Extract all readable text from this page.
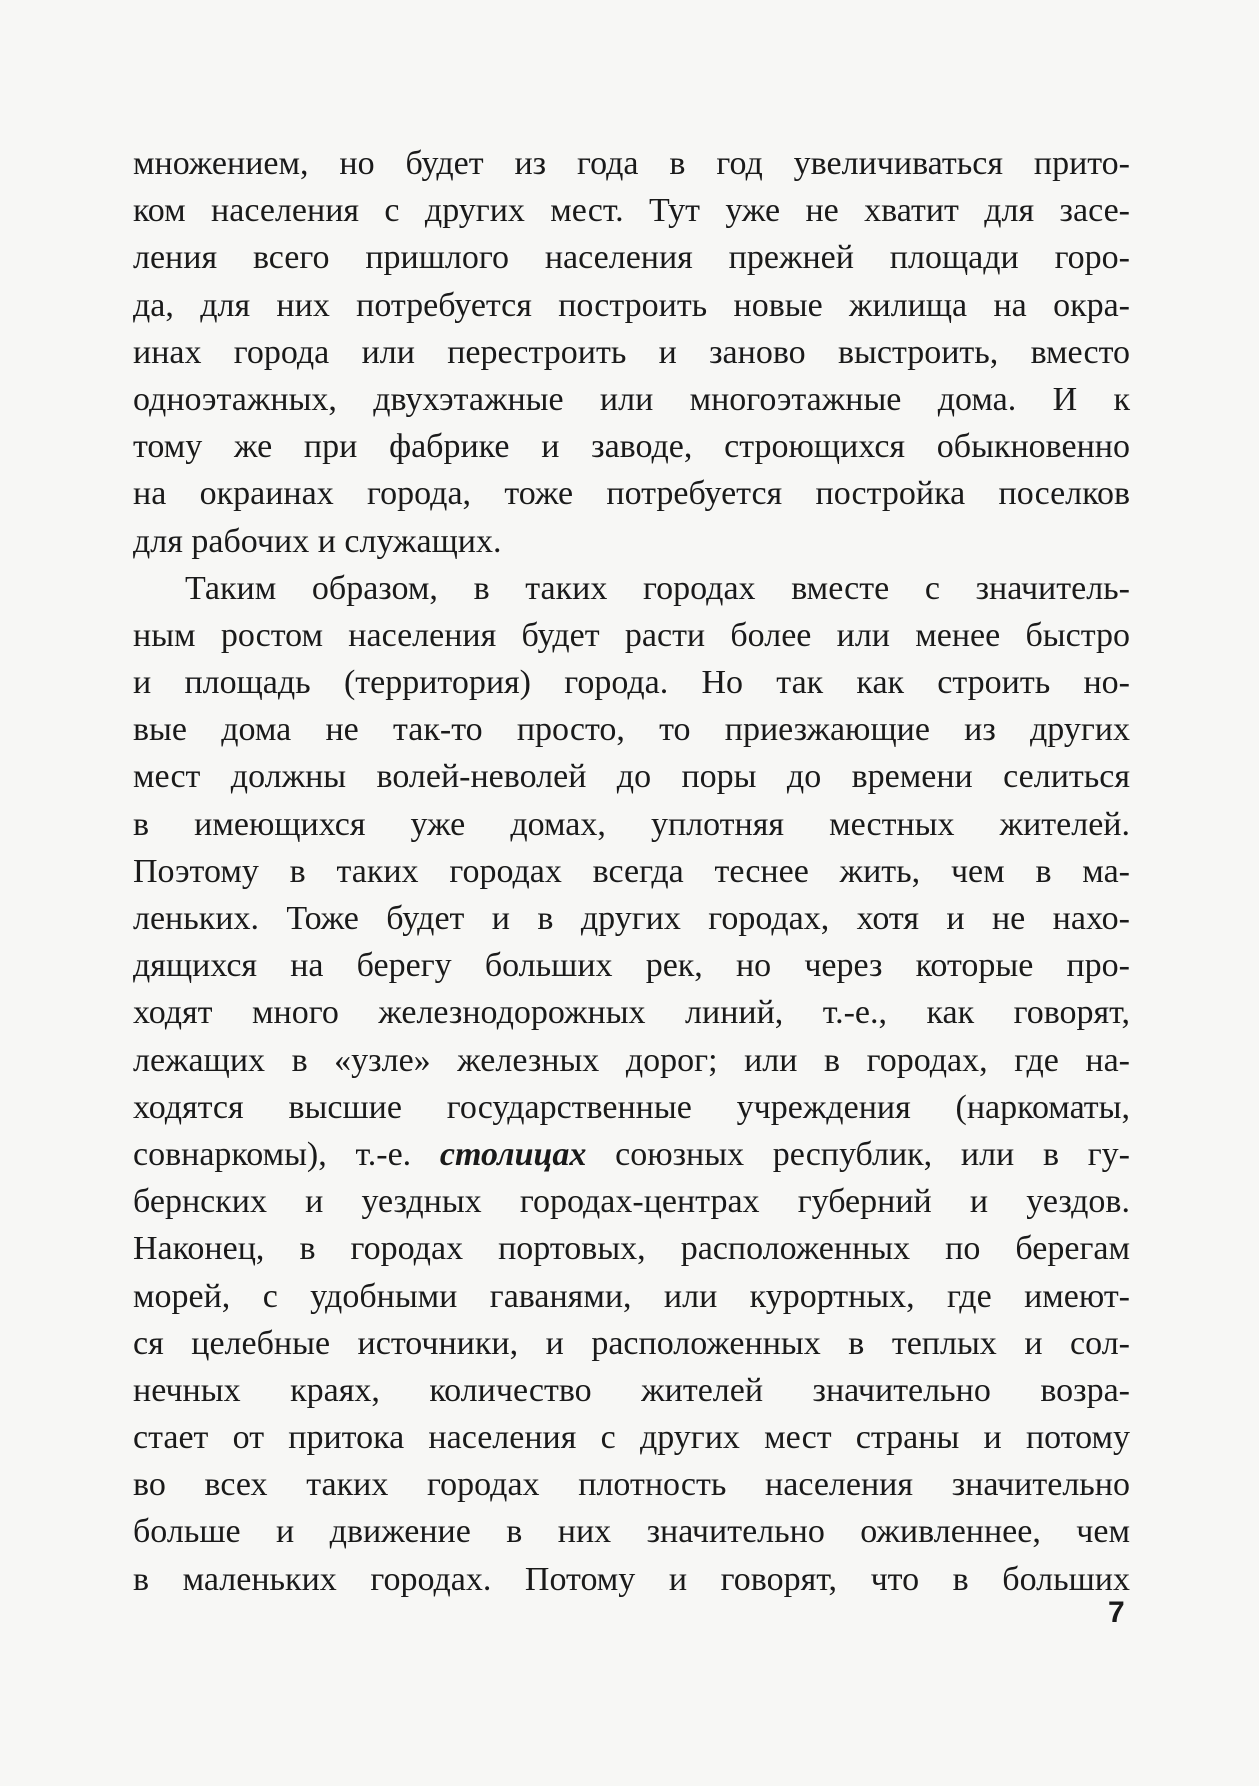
множением, но будет из года в год увеличиваться прито-
ком населения с других мест. Тут уже не хватит для засе-
ления всего пришлого населения прежней площади горо-
да, для них потребуется построить новые жилища на окра-
инах города или перестроить и заново выстроить, вместо
одноэтажных, двухэтажные или многоэтажные дома. И к
тому же при фабрике и заводе, строющихся обыкновенно
на окраинах города, тоже потребуется постройка поселков
для рабочих и служащих.
Таким образом, в таких городах вместе с значитель-
ным ростом населения будет расти более или менее быстро
и площадь (территория) города. Но так как строить но-
вые дома не так-то просто, то приезжающие из других
мест должны волей-неволей до поры до времени селиться
в имеющихся уже домах, уплотняя местных жителей.
Поэтому в таких городах всегда теснее жить, чем в ма-
леньких. Тоже будет и в других городах, хотя и не нахо-
дящихся на берегу больших рек, но через которые про-
ходят много железнодорожных линий, т.-е., как говорят,
лежащих в «узле» железных дорог; или в городах, где на-
ходятся высшие государственные учреждения (наркоматы,
совнаркомы), т.-е. столицах союзных республик, или в гу-
бернских и уездных городах-центрах губерний и уездов.
Наконец, в городах портовых, расположенных по берегам
морей, с удобными гаванями, или курортных, где имеют-
ся целебные источники, и расположенных в теплых и сол-
нечных краях, количество жителей значительно возра-
стает от притока населения с других мест страны и потому
во всех таких городах плотность населения значительно
больше и движение в них значительно оживленнее, чем
в маленьких городах. Потому и говорят, что в больших
7
